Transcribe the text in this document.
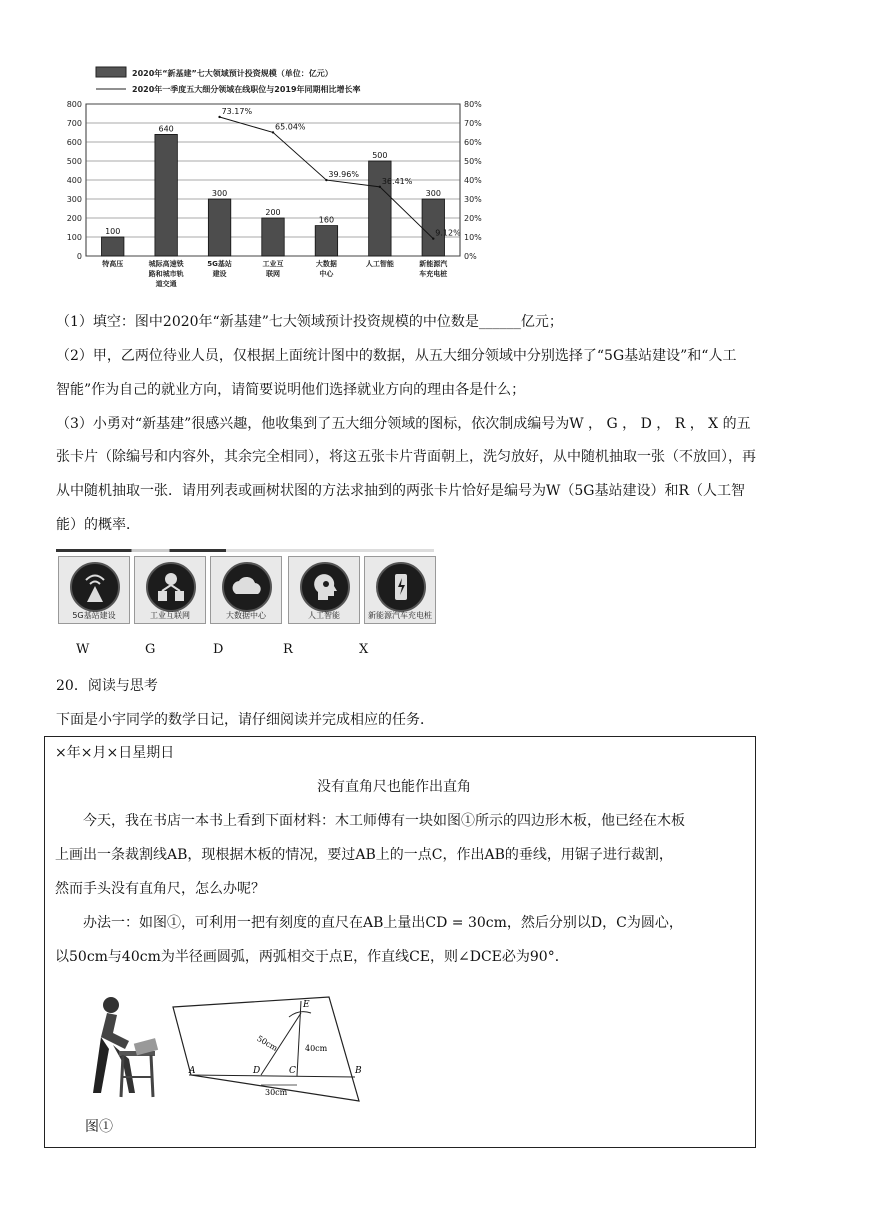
2020年“新基建”七大领域预计投资规模（单位：亿元）
2020年一季度五大细分领域在线职位与2019年同期相比增长率
0
100
200
300
400
500
600
700
800
0%
10%
20%
30%
40%
50%
60%
70%
80%
100
特高压
640
城际高速铁
路和城市轨
道交通
300
5G基站
建设
200
工业互
联网
160
大数据
中心
500
人工智能
300
新能源汽
车充电桩
73.17%
65.04%
39.96%
36.41%
9.12%
（1）填空：图中2020年“新基建”七大领域预计投资规模的中位数是______亿元；
（2）甲，乙两位待业人员，仅根据上面统计图中的数据，从五大细分领域中分别选择了“5G基站建设”和“人工
智能”作为自己的就业方向，请简要说明他们选择就业方向的理由各是什么；
（3）小勇对“新基建”很感兴趣，他收集到了五大细分领域的图标，依次制成编号为W ， G ， D ， R ， X 的五
张卡片（除编号和内容外，其余完全相同），将这五张卡片背面朝上，洗匀放好，从中随机抽取一张（不放回），再
从中随机抽取一张．请用列表或画树状图的方法求抽到的两张卡片恰好是编号为W（5G基站建设）和R（人工智
能）的概率．
5G基站建设	工业互联网	大数据中心	人工智能	新能源汽车充电桩
W	G	D	R	X
20．阅读与思考
下面是小宇同学的数学日记，请仔细阅读并完成相应的任务．
×年×月×日星期日
没有直角尺也能作出直角
今天，我在书店一本书上看到下面材料：木工师傅有一块如图①所示的四边形木板，他已经在木板
上画出一条裁割线AB，现根据木板的情况，要过AB上的一点C，作出AB的垂线，用锯子进行裁割，
然而手头没有直角尺，怎么办呢？
办法一：如图①，可利用一把有刻度的直尺在AB上量出CD = 30cm，然后分别以D，C为圆心，
以50cm与40cm为半径画圆弧，两弧相交于点E，作直线CE，则∠DCE必为90°．
A	B
C
D
E
50cm	40cm
30cm
图①
